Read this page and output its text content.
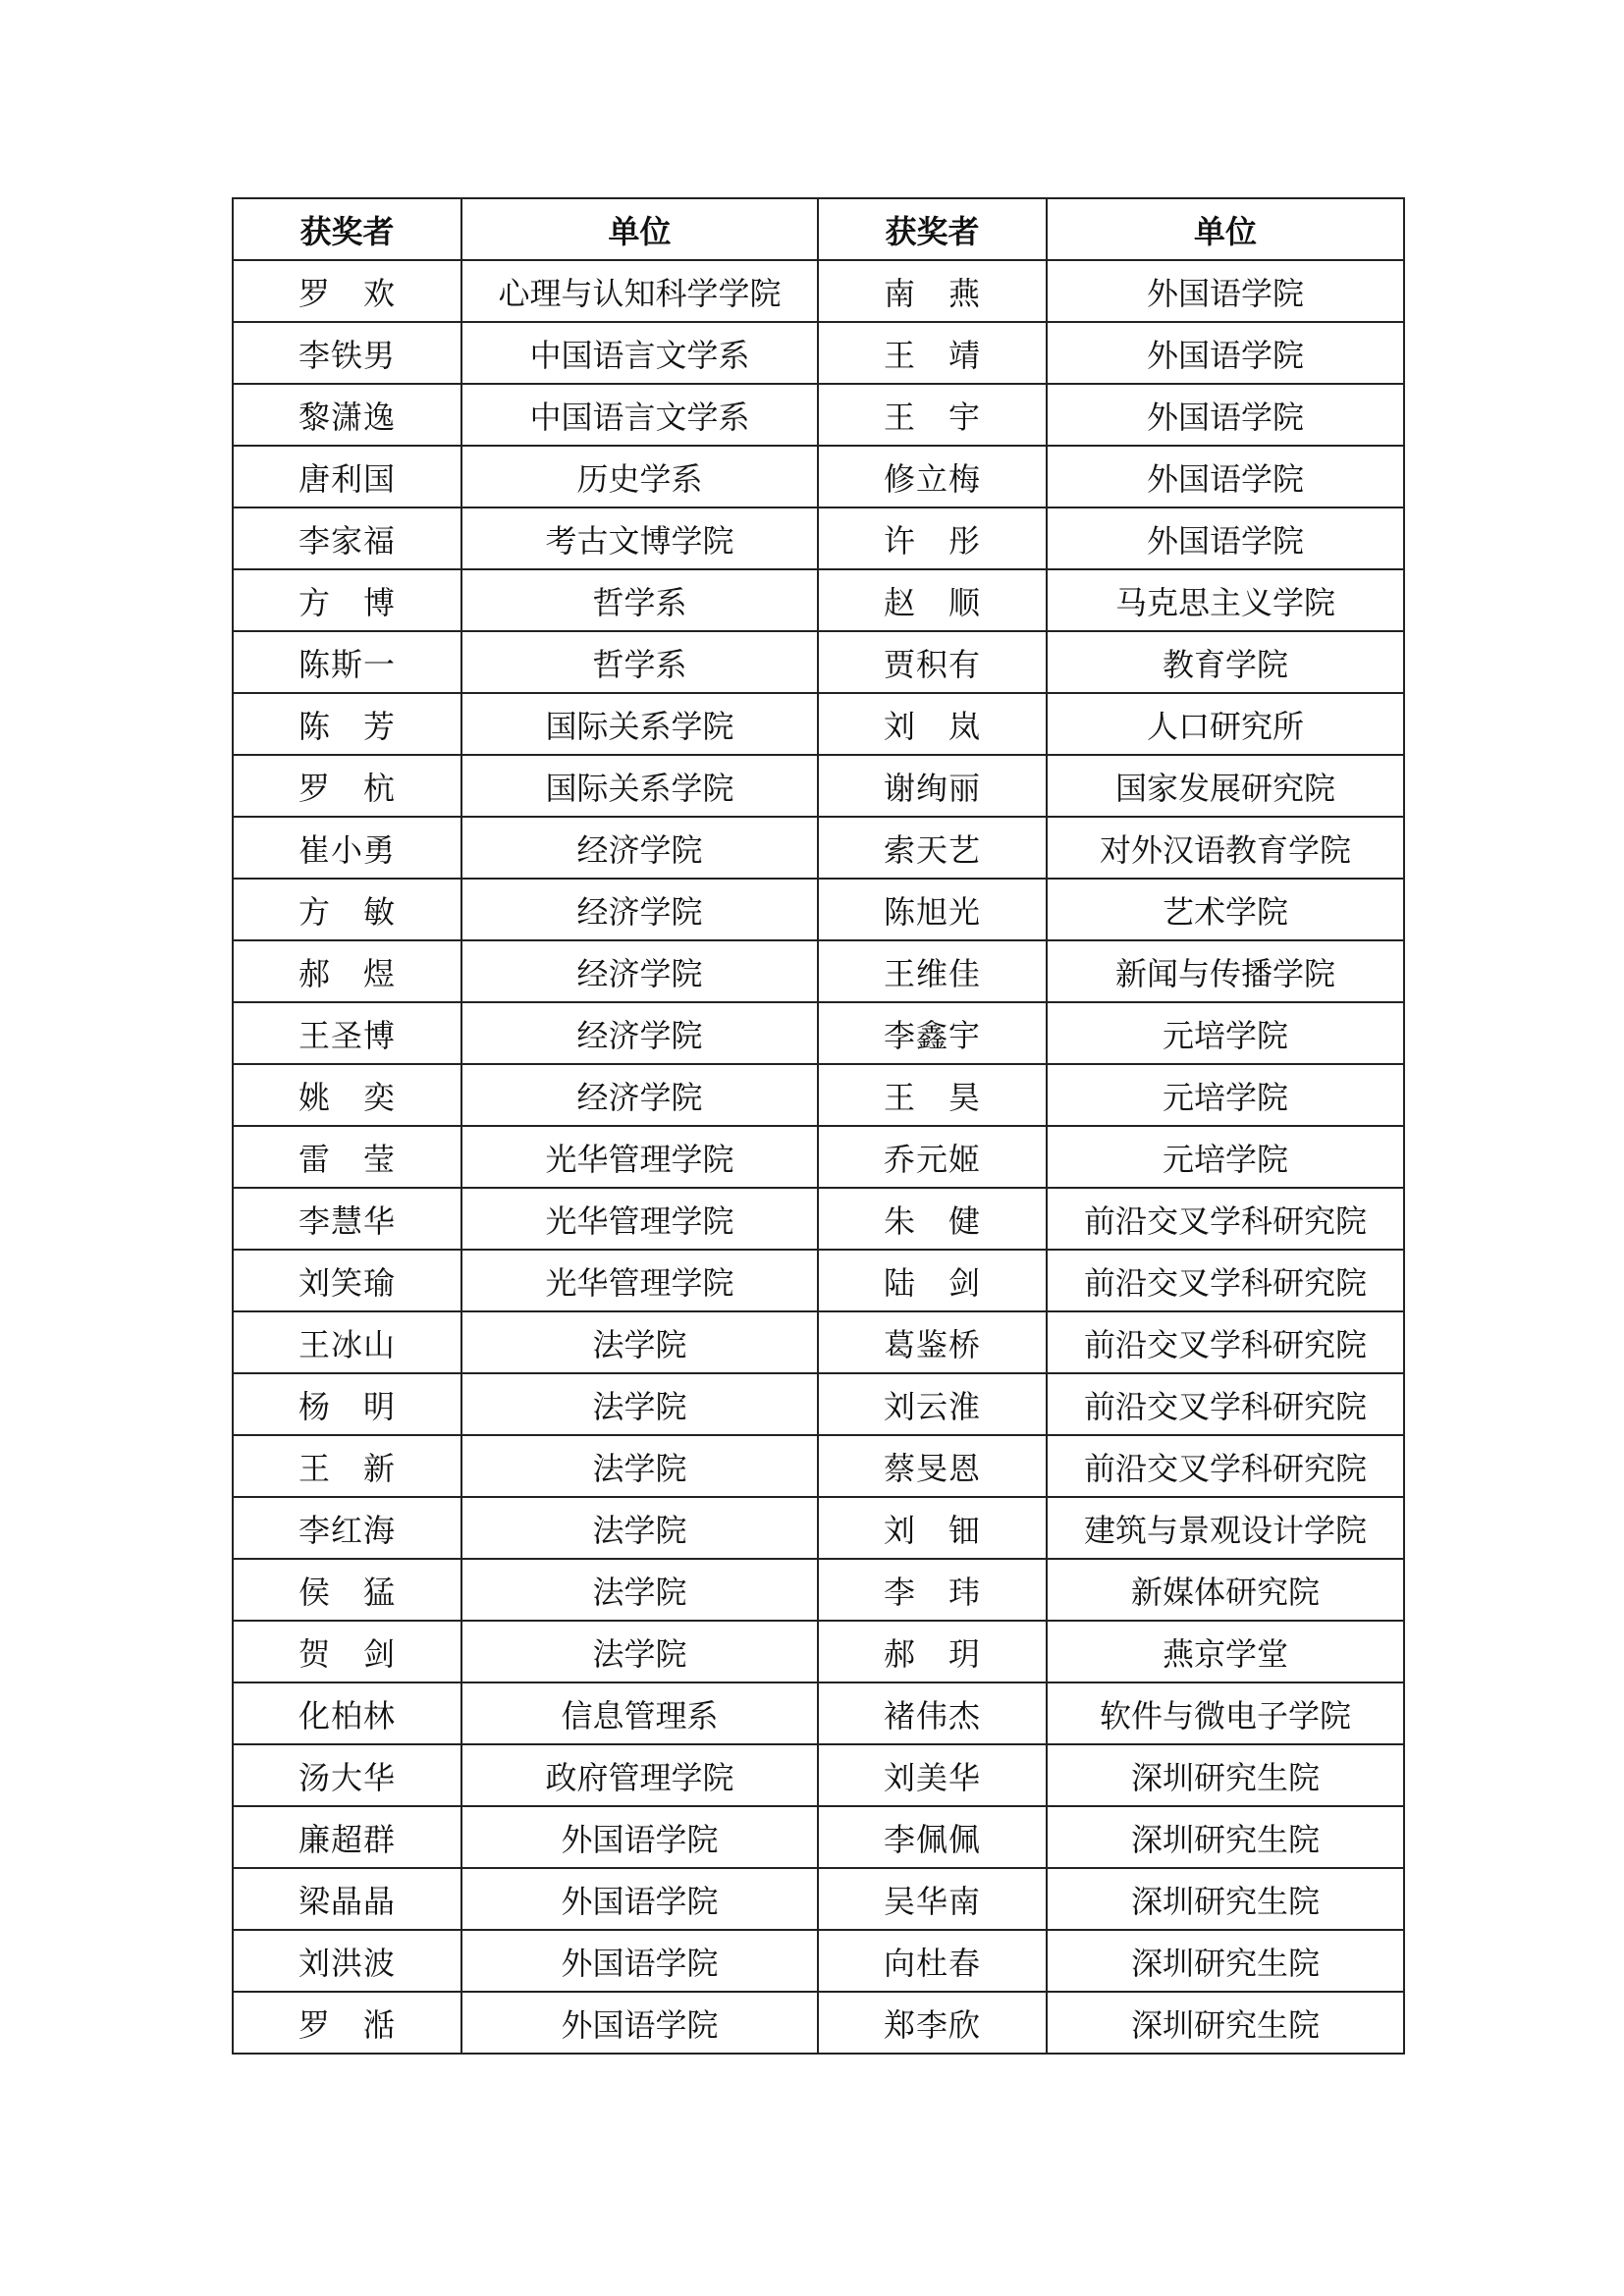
获奖者	单位	获奖者	单位
罗　欢	心理与认知科学学院	南　燕	外国语学院
李铁男	中国语言文学系	王　靖	外国语学院
黎潇逸	中国语言文学系	王　宇	外国语学院
唐利国	历史学系	修立梅	外国语学院
李家福	考古文博学院	许　彤	外国语学院
方　博	哲学系	赵　顺	马克思主义学院
陈斯一	哲学系	贾积有	教育学院
陈　芳	国际关系学院	刘　岚	人口研究所
罗　杭	国际关系学院	谢绚丽	国家发展研究院
崔小勇	经济学院	索天艺	对外汉语教育学院
方　敏	经济学院	陈旭光	艺术学院
郝　煜	经济学院	王维佳	新闻与传播学院
王圣博	经济学院	李鑫宇	元培学院
姚　奕	经济学院	王　昊	元培学院
雷　莹	光华管理学院	乔元姬	元培学院
李慧华	光华管理学院	朱　健	前沿交叉学科研究院
刘笑瑜	光华管理学院	陆　剑	前沿交叉学科研究院
王冰山	法学院	葛鉴桥	前沿交叉学科研究院
杨　明	法学院	刘云淮	前沿交叉学科研究院
王　新	法学院	蔡旻恩	前沿交叉学科研究院
李红海	法学院	刘　钿	建筑与景观设计学院
侯　猛	法学院	李　玮	新媒体研究院
贺　剑	法学院	郝　玥	燕京学堂
化柏林	信息管理系	褚伟杰	软件与微电子学院
汤大华	政府管理学院	刘美华	深圳研究生院
廉超群	外国语学院	李佩佩	深圳研究生院
梁晶晶	外国语学院	吴华南	深圳研究生院
刘洪波	外国语学院	向杜春	深圳研究生院
罗　湉	外国语学院	郑李欣	深圳研究生院
